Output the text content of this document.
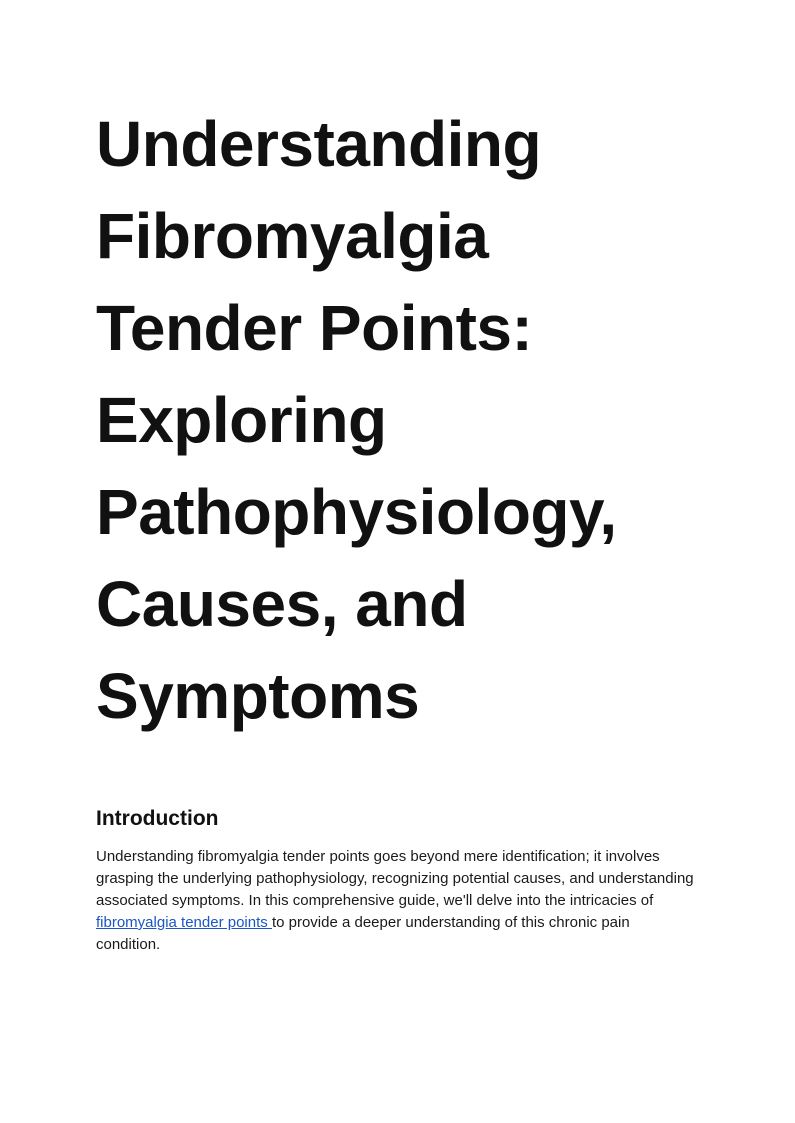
Understanding
Fibromyalgia
Tender Points:
Exploring
Pathophysiology,
Causes, and
Symptoms
Introduction

Understanding fibromyalgia tender points goes beyond mere identification; it involves grasping the underlying pathophysiology, recognizing potential causes, and understanding associated symptoms. In this comprehensive guide, we'll delve into the intricacies of fibromyalgia tender points to provide a deeper understanding of this chronic pain condition.
